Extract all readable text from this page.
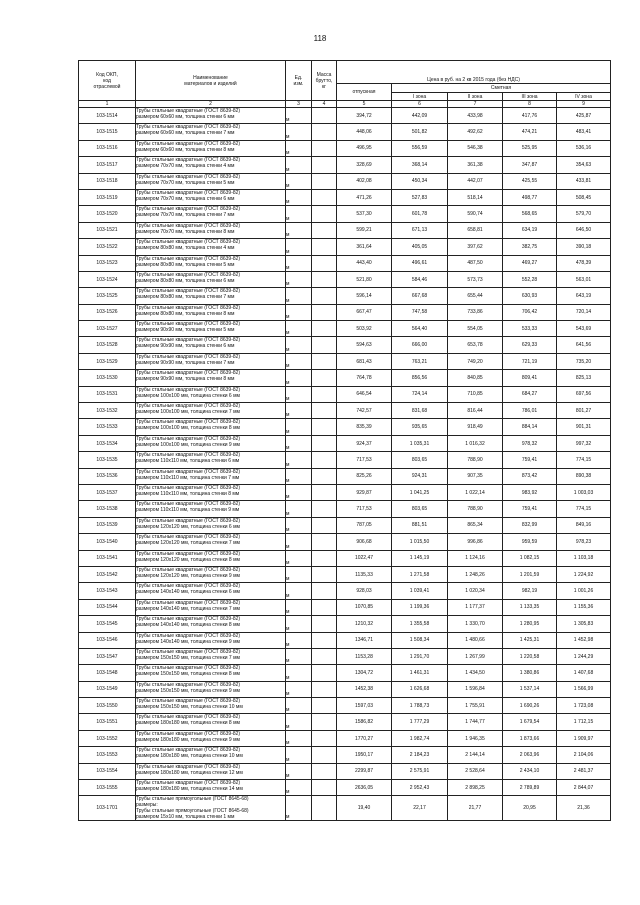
118
Код ОКП,
код
отраслевой	Наименование
материалов и изделий	Ед.
изм.	Масса
брутто,
кг	Цена в руб. на 2 кв 2015 года (без НДС)				
				отпускная	Сметная			
					I зона	II зона	III зона	IV зона
1	2	3	4	5	6	7	8	9
103-1514	Трубы стальные квадратные (ГОСТ 8639-82)
размером 60х60 мм, толщина стенки 6 мм	м		394,72	442,09	433,98	417,76	425,87
103-1515	Трубы стальные квадратные (ГОСТ 8639-82)
размером 60х60 мм, толщина стенки 7 мм	м		448,06	501,82	492,62	474,21	483,41
103-1516	Трубы стальные квадратные (ГОСТ 8639-82)
размером 60х60 мм, толщина стенки 8 мм	м		496,95	556,59	546,38	525,95	536,16
103-1517	Трубы стальные квадратные (ГОСТ 8639-82)
размером 70х70 мм, толщина стенки 4 мм	м		328,69	368,14	361,38	347,87	354,63
103-1518	Трубы стальные квадратные (ГОСТ 8639-82)
размером 70х70 мм, толщина стенки 5 мм	м		402,08	450,34	442,07	425,55	433,81
103-1519	Трубы стальные квадратные (ГОСТ 8639-82)
размером 70х70 мм, толщина стенки 6 мм	м		471,26	527,83	518,14	498,77	508,45
103-1520	Трубы стальные квадратные (ГОСТ 8639-82)
размером 70х70 мм, толщина стенки 7 мм	м		537,30	601,78	590,74	568,65	579,70
103-1521	Трубы стальные квадратные (ГОСТ 8639-82)
размером 70х70 мм, толщина стенки 8 мм	м		599,21	671,13	658,81	634,19	646,50
103-1522	Трубы стальные квадратные (ГОСТ 8639-82)
размером 80х80 мм, толщина стенки 4 мм	м		361,64	405,05	397,62	382,75	390,18
103-1523	Трубы стальные квадратные (ГОСТ 8639-82)
размером 80х80 мм, толщина стенки 5 мм	м		443,40	496,61	487,50	469,27	478,39
103-1524	Трубы стальные квадратные (ГОСТ 8639-82)
размером 80х80 мм, толщина стенки 6 мм	м		521,80	584,46	573,73	552,28	563,01
103-1525	Трубы стальные квадратные (ГОСТ 8639-82)
размером 80х80 мм, толщина стенки 7 мм	м		596,14	667,68	655,44	630,93	643,19
103-1526	Трубы стальные квадратные (ГОСТ 8639-82)
размером 80х80 мм, толщина стенки 8 мм	м		667,47	747,58	733,86	706,42	720,14
103-1527	Трубы стальные квадратные (ГОСТ 8639-82)
размером 90х90 мм, толщина стенки 5 мм	м		503,92	564,40	554,05	533,33	543,69
103-1528	Трубы стальные квадратные (ГОСТ 8639-82)
размером 90х90 мм, толщина стенки 6 мм	м		594,63	666,00	653,78	629,33	641,56
103-1529	Трубы стальные квадратные (ГОСТ 8639-82)
размером 90х90 мм, толщина стенки 7 мм	м		681,43	763,21	749,20	721,19	735,20
103-1530	Трубы стальные квадратные (ГОСТ 8639-82)
размером 90х90 мм, толщина стенки 8 мм	м		764,78	856,56	840,85	809,41	825,13
103-1531	Трубы стальные квадратные (ГОСТ 8639-82)
размером 100х100 мм, толщина стенки 6 мм	м		646,54	724,14	710,85	684,27	697,56
103-1532	Трубы стальные квадратные (ГОСТ 8639-82)
размером 100х100 мм, толщина стенки 7 мм	м		742,57	831,68	816,44	786,01	801,27
103-1533	Трубы стальные квадратные (ГОСТ 8639-82)
размером 100х100 мм, толщина стенки 8 мм	м		835,39	935,65	918,49	884,14	901,31
103-1534	Трубы стальные квадратные (ГОСТ 8639-82)
размером 100х100 мм, толщина стенки 9 мм	м		924,37	1 035,31	1 016,32	978,32	997,32
103-1535	Трубы стальные квадратные (ГОСТ 8639-82)
размером 110х110 мм, толщина стенки 6 мм	м		717,53	803,65	788,90	759,41	774,15
103-1536	Трубы стальные квадратные (ГОСТ 8639-82)
размером 110х110 мм, толщина стенки 7 мм	м		825,26	924,31	907,35	873,42	890,38
103-1537	Трубы стальные квадратные (ГОСТ 8639-82)
размером 110х110 мм, толщина стенки 8 мм	м		929,87	1 041,25	1 022,14	983,92	1 003,03
103-1538	Трубы стальные квадратные (ГОСТ 8639-82)
размером 110х110 мм, толщина стенки 9 мм	м		717,53	803,65	788,90	759,41	774,15
103-1539	Трубы стальные квадратные (ГОСТ 8639-82)
размером 120х120 мм, толщина стенки 6 мм	м		787,05	881,51	865,34	832,99	849,16
103-1540	Трубы стальные квадратные (ГОСТ 8639-82)
размером 120х120 мм, толщина стенки 7 мм	м		906,68	1 015,50	996,86	959,59	978,23
103-1541	Трубы стальные квадратные (ГОСТ 8639-82)
размером 120х120 мм, толщина стенки 8 мм	м		1022,47	1 145,19	1 124,16	1 082,15	1 103,18
103-1542	Трубы стальные квадратные (ГОСТ 8639-82)
размером 120х120 мм, толщина стенки 9 мм	м		1135,33	1 271,58	1 248,26	1 201,59	1 224,92
103-1543	Трубы стальные квадратные (ГОСТ 8639-82)
размером 140х140 мм, толщина стенки 6 мм	м		928,03	1 039,41	1 020,34	982,19	1 001,26
103-1544	Трубы стальные квадратные (ГОСТ 8639-82)
размером 140х140 мм, толщина стенки 7 мм	м		1070,85	1 199,36	1 177,37	1 133,35	1 155,36
103-1545	Трубы стальные квадратные (ГОСТ 8639-82)
размером 140х140 мм, толщина стенки 8 мм	м		1210,32	1 355,58	1 330,70	1 280,95	1 305,83
103-1546	Трубы стальные квадратные (ГОСТ 8639-82)
размером 140х140 мм, толщина стенки 9 мм	м		1346,71	1 508,34	1 480,66	1 425,31	1 452,98
103-1547	Трубы стальные квадратные (ГОСТ 8639-82)
размером 150х150 мм, толщина стенки 7 мм	м		1153,28	1 291,70	1 267,99	1 220,58	1 244,29
103-1548	Трубы стальные квадратные (ГОСТ 8639-82)
размером 150х150 мм, толщина стенки 8 мм	м		1304,72	1 461,31	1 434,50	1 380,86	1 407,68
103-1549	Трубы стальные квадратные (ГОСТ 8639-82)
размером 150х150 мм, толщина стенки 9 мм	м		1452,38	1 626,68	1 596,84	1 537,14	1 566,99
103-1550	Трубы стальные квадратные (ГОСТ 8639-82)
размером 150х150 мм, толщина стенки 10 мм	м		1597,03	1 788,73	1 755,91	1 690,26	1 723,08
103-1551	Трубы стальные квадратные (ГОСТ 8639-82)
размером 180х180 мм, толщина стенки 8 мм	м		1586,82	1 777,29	1 744,77	1 679,54	1 712,15
103-1552	Трубы стальные квадратные (ГОСТ 8639-82)
размером 180х180 мм, толщина стенки 9 мм	м		1770,27	1 982,74	1 946,35	1 873,66	1 909,97
103-1553	Трубы стальные квадратные (ГОСТ 8639-82)
размером 180х180 мм, толщина стенки 10 мм	м		1950,17	2 184,23	2 144,14	2 063,96	2 104,06
103-1554	Трубы стальные квадратные (ГОСТ 8639-82)
размером 180х180 мм, толщина стенки 12 мм	м		2299,87	2 575,91	2 528,64	2 434,10	2 481,37
103-1555	Трубы стальные квадратные (ГОСТ 8639-82)
размером 180х180 мм, толщина стенки 14 мм	м		2636,05	2 952,43	2 898,25	2 789,89	2 844,07
103-1701	Трубы стальные прямоугольные (ГОСТ 8645-68)
размеры:
Трубы стальные прямоугольные (ГОСТ 8645-68)
размером 15х10 мм, толщина стенки 1 мм	м		19,40	22,17	21,77	20,95	21,36
